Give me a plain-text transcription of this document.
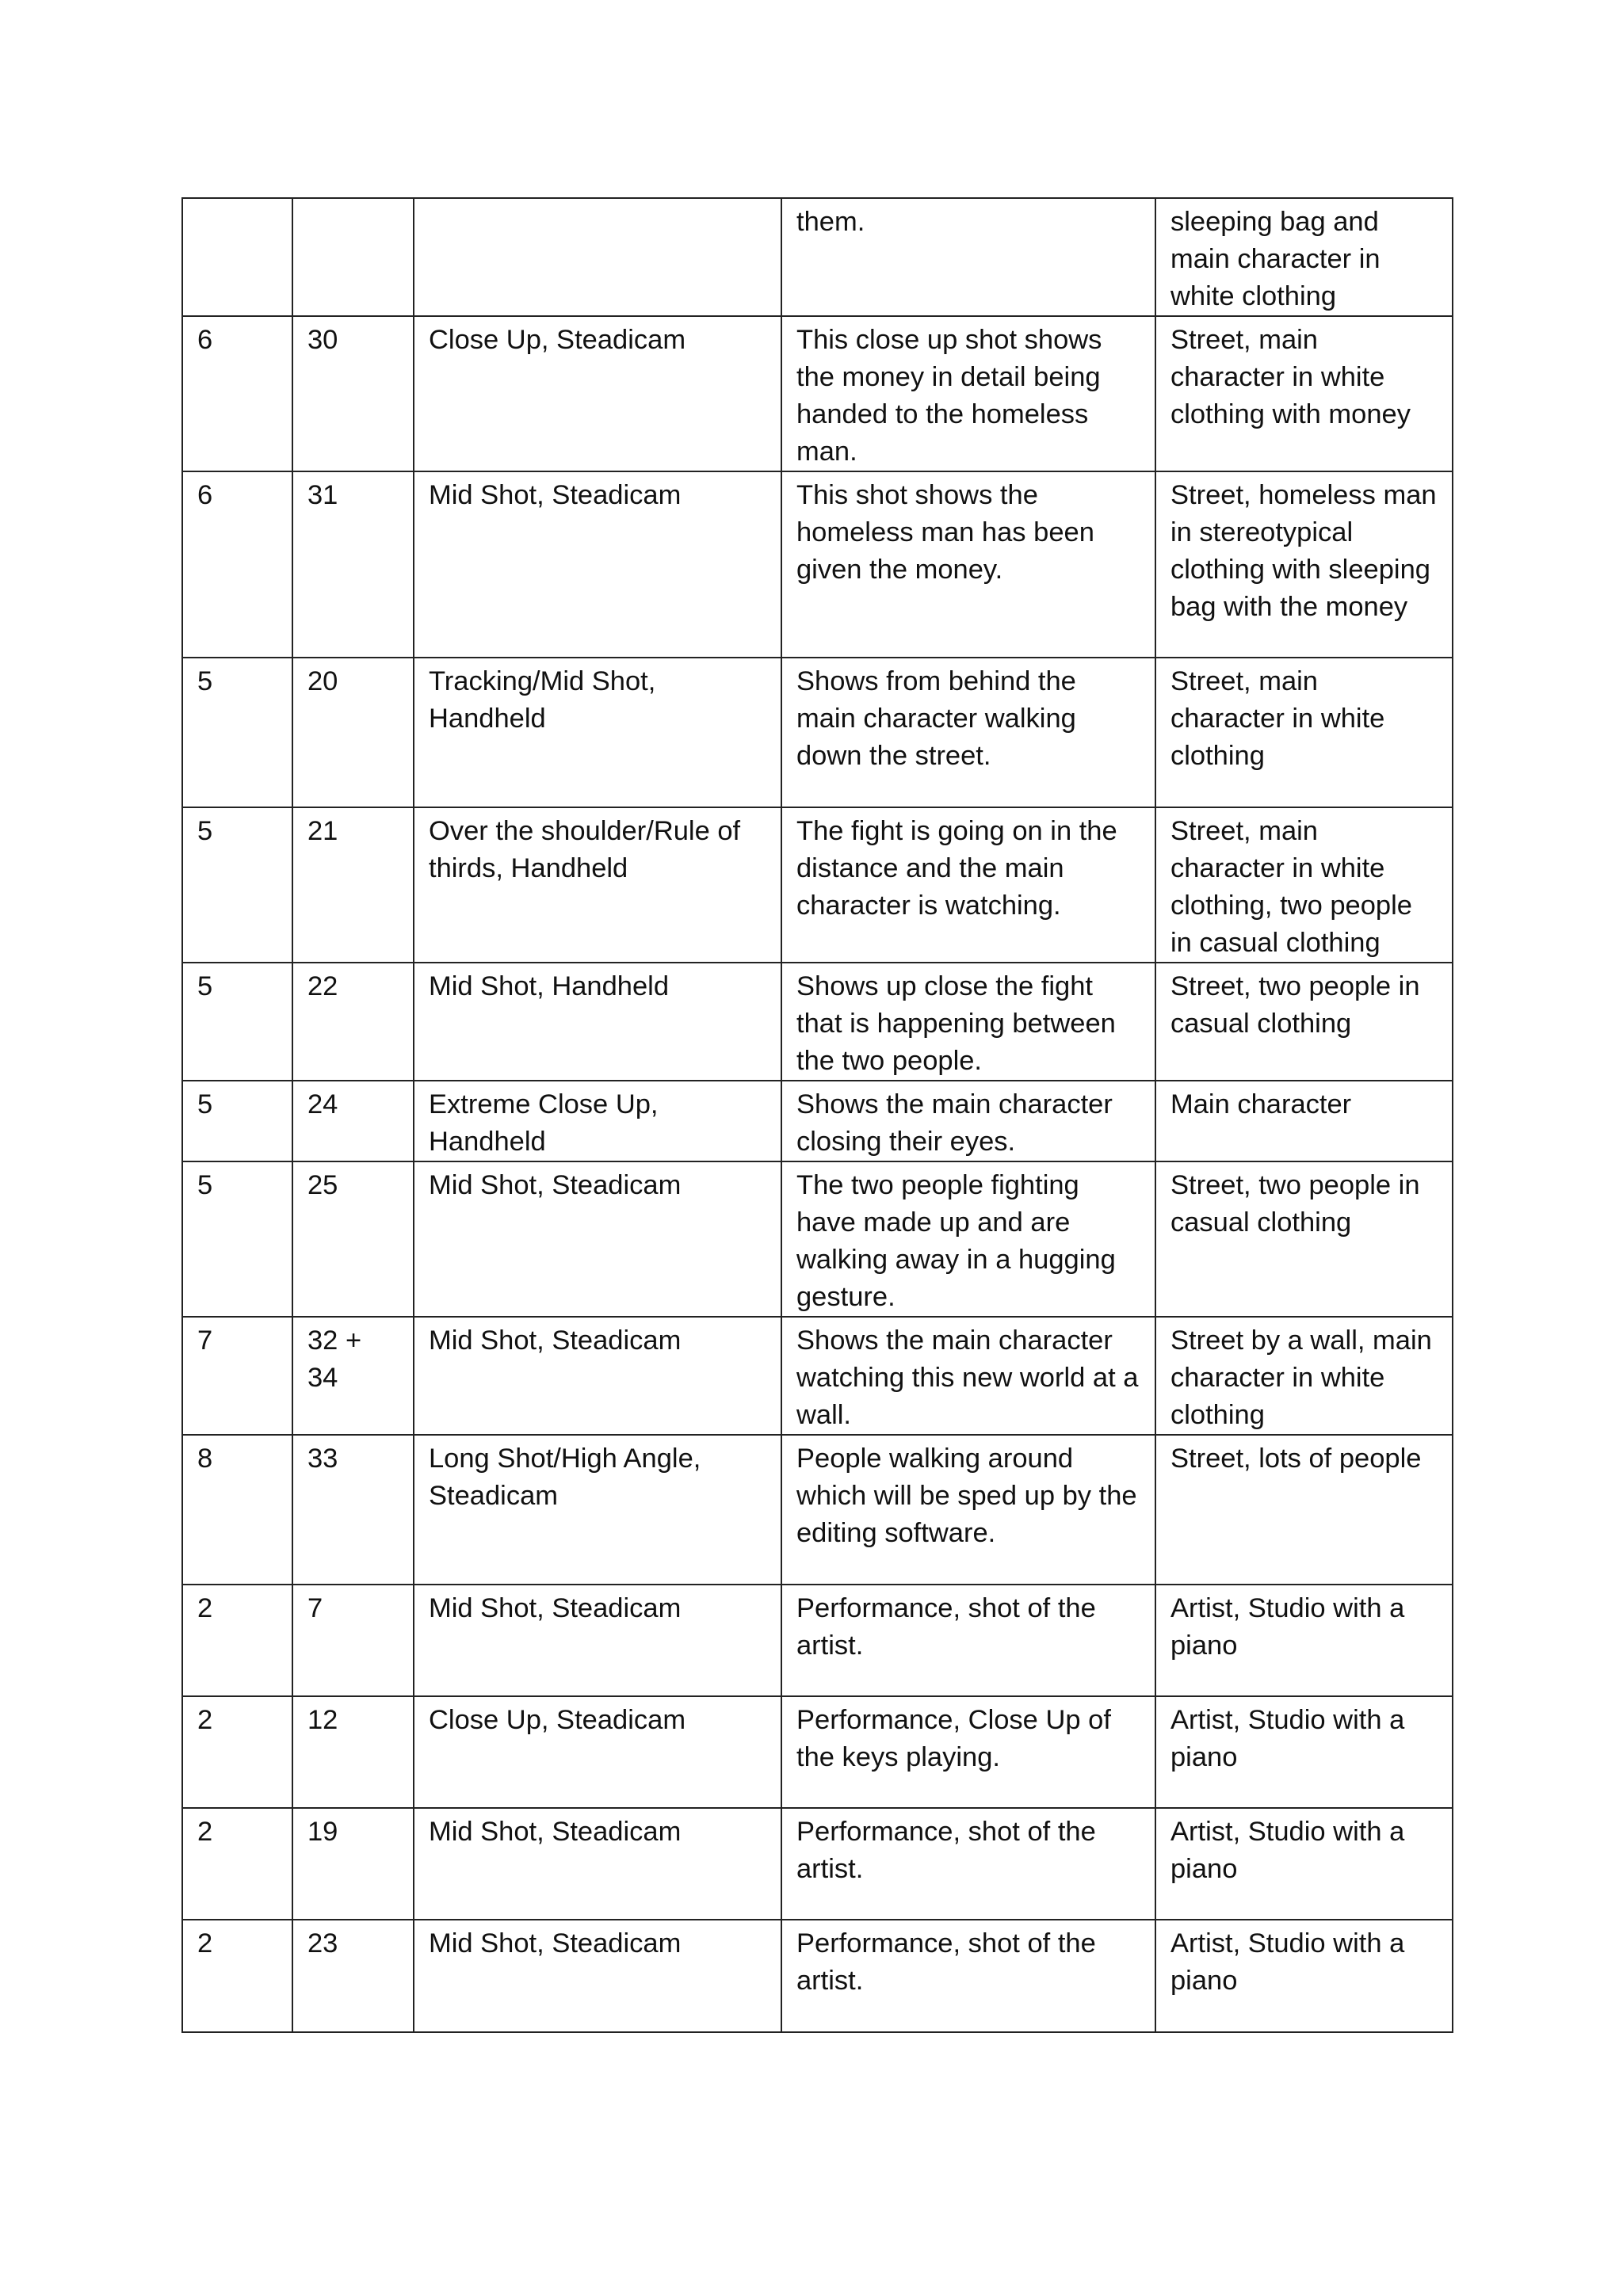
			them.	sleeping bag and main character in white clothing
6	30	Close Up, Steadicam	This close up shot shows the money in detail being handed to the homeless man.	Street, main character in white clothing with money
6	31	Mid Shot, Steadicam	This shot shows the homeless man has been given the money.	Street, homeless man in stereotypical clothing with sleeping bag with the money
5	20	Tracking/Mid Shot, Handheld	Shows from behind the main character walking down the street.	Street, main character in white clothing
5	21	Over the shoulder/Rule of thirds, Handheld	The fight is going on in the distance and the main character is watching.	Street, main character in white clothing, two people in casual clothing
5	22	Mid Shot, Handheld	Shows up close the fight that is happening between the two people.	Street, two people in casual clothing
5	24	Extreme Close Up, Handheld	Shows the main character closing their eyes.	Main character
5	25	Mid Shot, Steadicam	The two people fighting have made up and are walking away in a hugging gesture.	Street, two people in casual clothing
7	32 + 34	Mid Shot, Steadicam	Shows the main character watching this new world at a wall.	Street by a wall, main character in white clothing
8	33	Long Shot/High Angle, Steadicam	People walking around which will be sped up by the editing software.	Street, lots of people
2	7	Mid Shot, Steadicam	Performance, shot of the artist.	Artist, Studio with a piano
2	12	Close Up, Steadicam	Performance, Close Up of the keys playing.	Artist, Studio with a piano
2	19	Mid Shot, Steadicam	Performance, shot of the artist.	Artist, Studio with a piano
2	23	Mid Shot, Steadicam	Performance, shot of the artist.	Artist, Studio with a piano
